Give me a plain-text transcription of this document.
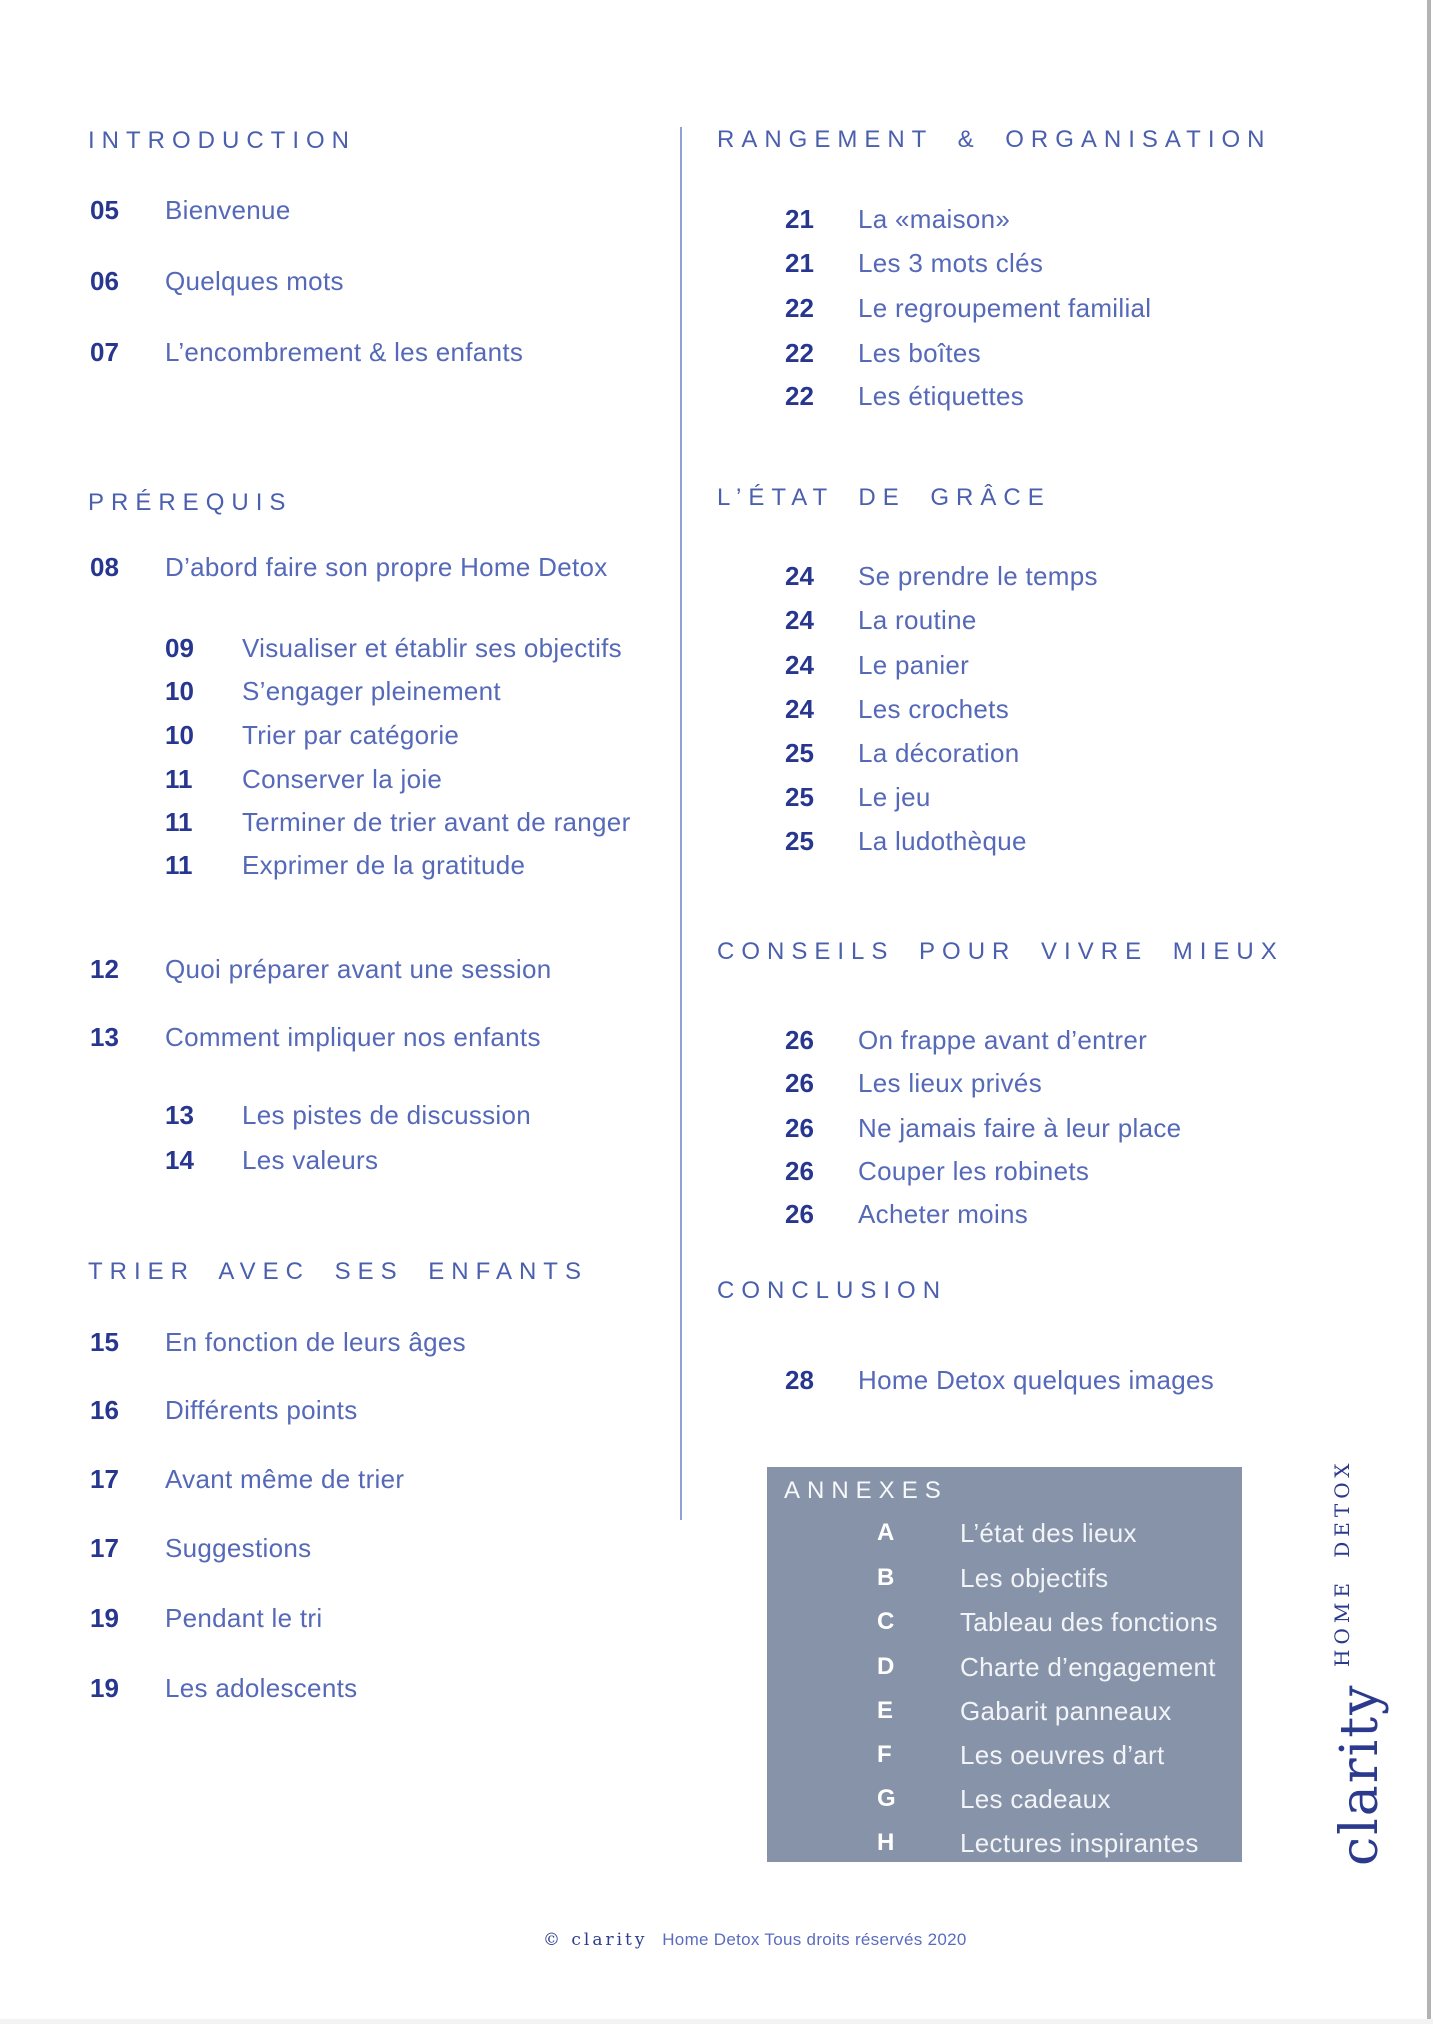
INTRODUCTION
05	Bienvenue
06	Quelques mots
07	L’encombrement & les enfants
PRÉREQUIS
08	D’abord faire son propre Home Detox
09	Visualiser et établir ses objectifs
10	S’engager pleinement
10	Trier par catégorie
11	Conserver la joie
11	Terminer de trier avant de ranger
11	Exprimer de la gratitude
12	Quoi préparer avant une session
13	Comment impliquer nos enfants
13	Les pistes de discussion
14	Les valeurs
TRIER AVEC SES ENFANTS
15	En fonction de leurs âges
16	Différents points
17	Avant même de trier
17	Suggestions
19	Pendant le tri
19	Les adolescents
RANGEMENT & ORGANISATION
21	La «maison»
21	Les 3 mots clés
22	Le regroupement familial
22	Les boîtes
22	Les étiquettes
L’ÉTAT DE GRÂCE
24	Se prendre le temps
24	La routine
24	Le panier
24	Les crochets
25	La décoration
25	Le jeu
25	La ludothèque
CONSEILS POUR VIVRE MIEUX
26	On frappe avant d’entrer
26	Les lieux privés
26	Ne jamais faire à leur place
26	Couper les robinets
26	Acheter moins
CONCLUSION
28	Home Detox quelques images
ANNEXES
A	L’état des lieux
B	Les objectifs
C	Tableau des fonctions
D	Charte d’engagement
E	Gabarit panneaux
F	Les oeuvres d’art
G Les cadeaux
H	Lectures inspirantes	clarity
HOME DETOX
© clarity Home Detox Tous droits réservés 2020
